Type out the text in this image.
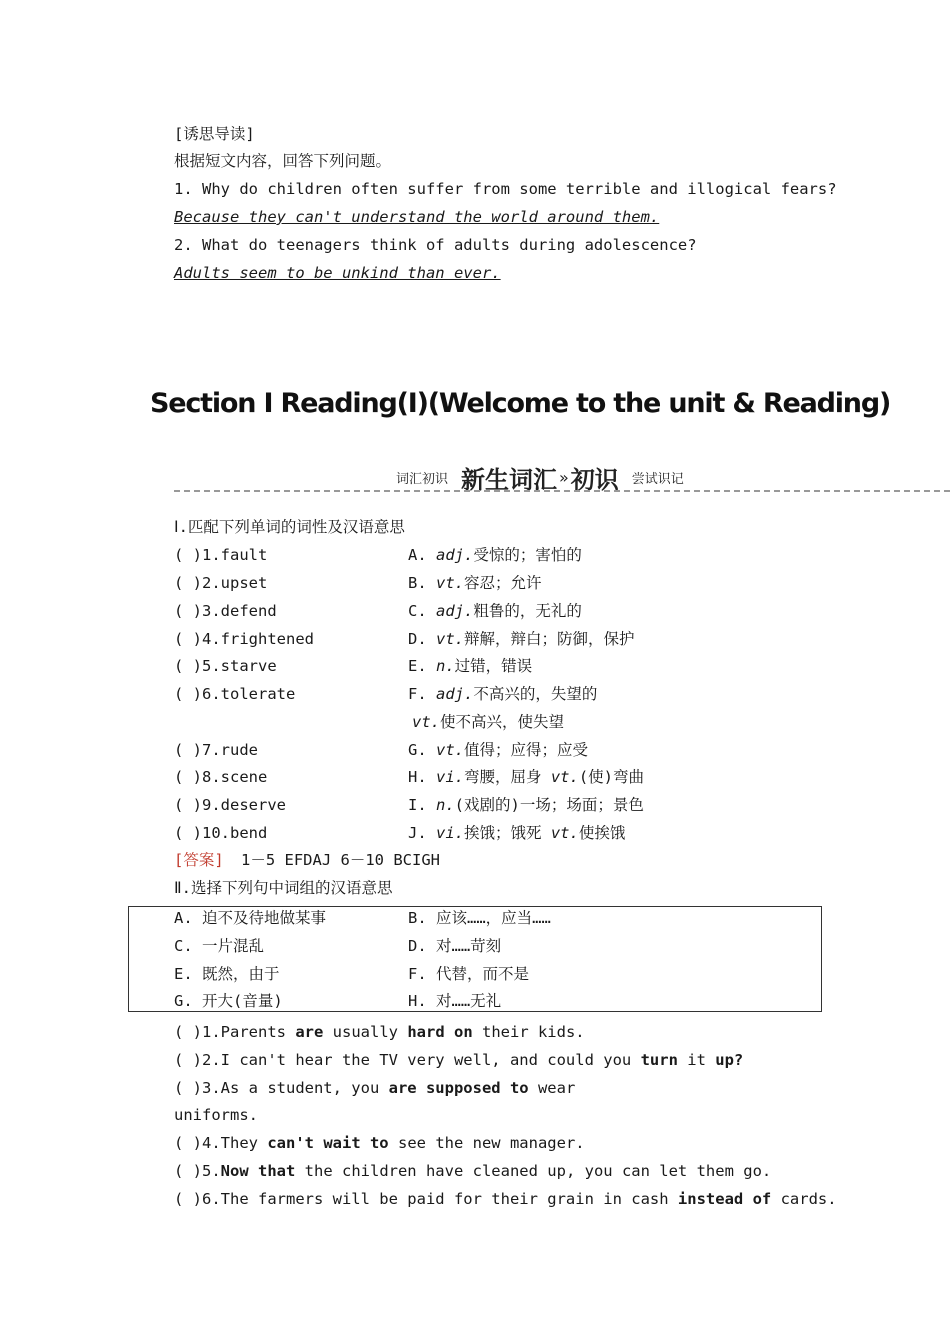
[诱思导读]
根据短文内容，回答下列问题。
1. Why do children often suffer from some terrible and illogical fears?
Because they can't understand the world around them.
2. What do teenagers think of adults during adolescence?
Adults seem to be unkind than ever.
Section I Reading(I)(Welcome to the unit & Reading)
词汇初识 新生词汇 »初识 尝试识记
Ⅰ.匹配下列单词的词性及汉语意思
( )1.fault	A. adj.受惊的；害怕的
( )2.upset	B. vt.容忍；允许
( )3.defend	C. adj.粗鲁的，无礼的
( )4.frightened	D. vt.辩解，辩白；防御，保护
( )5.starve	E. n.过错，错误
( )6.tolerate	F. adj.不高兴的，失望的
vt.使不高兴，使失望
( )7.rude	G. vt.值得；应得；应受
( )8.scene	H. vi.弯腰，屈身 vt.(使)弯曲
( )9.deserve	I. n.(戏剧的)一场；场面；景色
( )10.bend	J. vi.挨饿；饿死 vt.使挨饿
[答案] 1－5 EFDAJ 6－10 BCIGH
Ⅱ.选择下列句中词组的汉语意思
A. 迫不及待地做某事	B. 应该……，应当……
C. 一片混乱	D. 对……苛刻
E. 既然，由于	F. 代替，而不是
G. 开大(音量)	H. 对……无礼
( )1.Parents are usually hard on their kids.
( )2.I can't hear the TV very well, and could you turn it up?
( )3.As a student, you are supposed to wear
uniforms.
( )4.They can't wait to see the new manager.
( )5.Now that the children have cleaned up, you can let them go.
( )6.The farmers will be paid for their grain in cash instead of cards.
